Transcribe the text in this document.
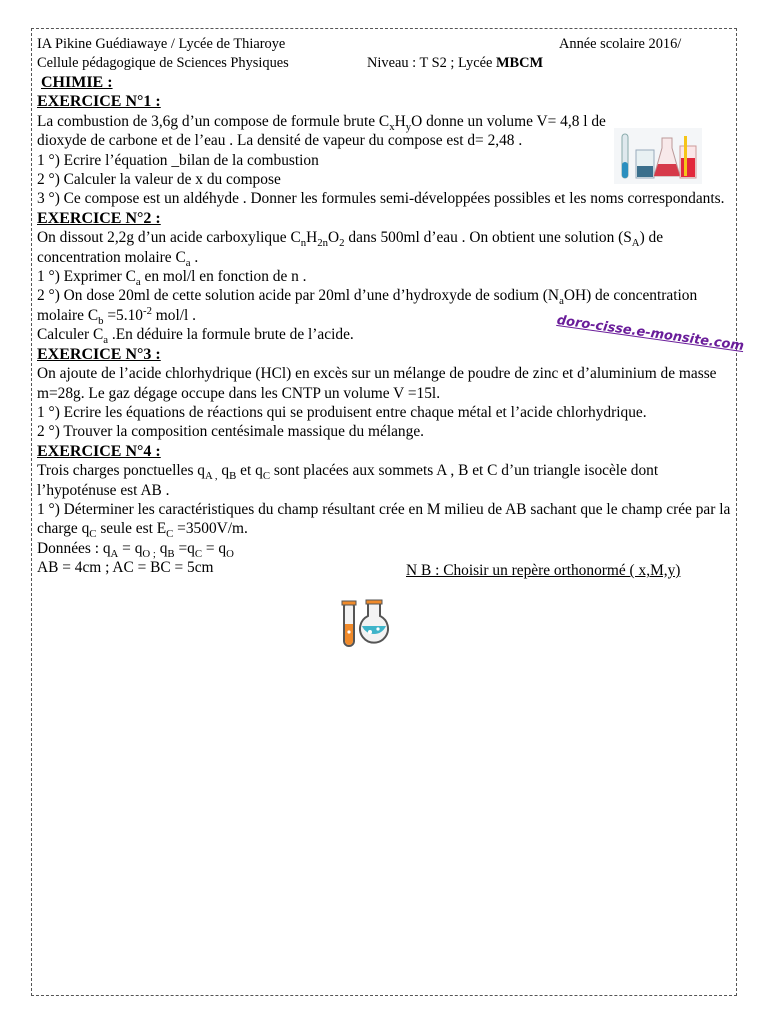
IA Pikine Guédiawaye / Lycée de Thiaroye	Année scolaire 2016/
Cellule pédagogique de Sciences Physiques	Niveau : T S2 ; Lycée MBCM
CHIMIE :
EXERCICE N°1 :

La combustion de 3,6g d’un compose de formule brute $C_xH_yO$ donne un volume V= 4,8 l de dioxyde de carbone et de l’eau . La densité de vapeur du compose est d= 2,48 .

1 °) Ecrire l’équation _bilan de la combustion

2 °) Calculer la valeur de x du compose

3 °) Ce compose est un aldéhyde . Donner les formules semi-développées possibles et les noms correspondants.

EXERCICE N°2 :

On dissout 2,2g d’un acide carboxylique $C_nH_{2n}O_2$ dans 500ml d’eau . On obtient une solution $(S_A)$ de concentration molaire $C_a$ .

1 °) Exprimer $C_a$ en mol/l en fonction de n .

2 °) On dose 20ml de cette solution acide par 20ml d’une d’hydroxyde de sodium $(N_aOH)$ de concentration molaire $C_b =5.10^{-2}$ mol/l .

Calculer $C_a$ .En déduire la formule brute de l’acide.

EXERCICE N°3 :

On ajoute de l’acide chlorhydrique (HCl) en excès sur un mélange de poudre de zinc et d’aluminium de masse m=28g. Le gaz dégage occupe dans les CNTP un volume V =15l.

1 °) Ecrire les équations de réactions qui se produisent entre chaque métal et l’acide chlorhydrique.

2 °) Trouver la composition centésimale massique du mélange.

EXERCICE N°4 :

Trois charges ponctuelles $q_{A ,}$ $q_B$ et $q_C$ sont placées aux sommets A , B et C d’un triangle isocèle dont l’hypoténuse est AB .

1 °) Déterminer les caractéristiques du champ résultant crée en M milieu de AB sachant que le champ crée par la charge $q_C$ seule est $E_C =3500V/m$.

Données : $q_A = q_{O ;}$ $q_B =q_C = q_O$

AB = 4cm ; AC = BC = 5cm	N B : Choisir un repère orthonormé ( x,M,y)
doro-cisse.e-monsite.com
